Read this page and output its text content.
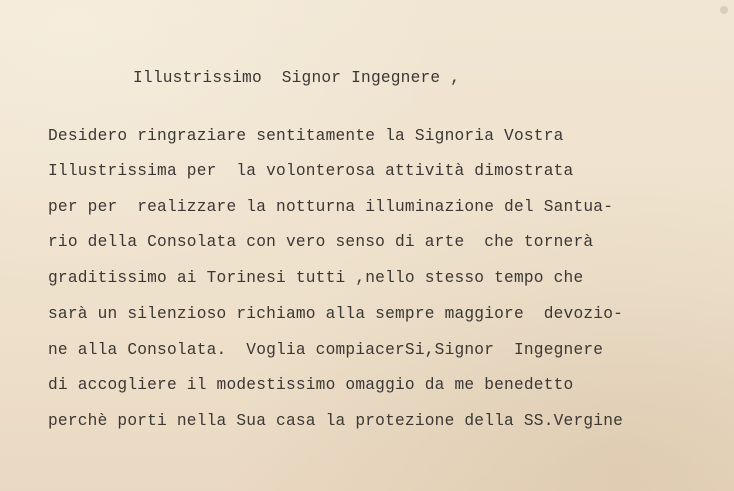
Illustrissimo  Signor Ingegnere ,

Desidero ringraziare sentitamente la Signoria Vostra

Illustrissima per  la volonterosa attività dimostrata

per per  realizzare la notturna illuminazione del Santua-

rio della Consolata con vero senso di arte  che tornerà

graditissimo ai Torinesi tutti ,nello stesso tempo che

sarà un silenzioso richiamo alla sempre maggiore  devozio-

ne alla Consolata.  Voglia compiacerSi,Signor  Ingegnere

di accogliere il modestissimo omaggio da me benedetto

perchè porti nella Sua casa la protezione della SS.Vergine
